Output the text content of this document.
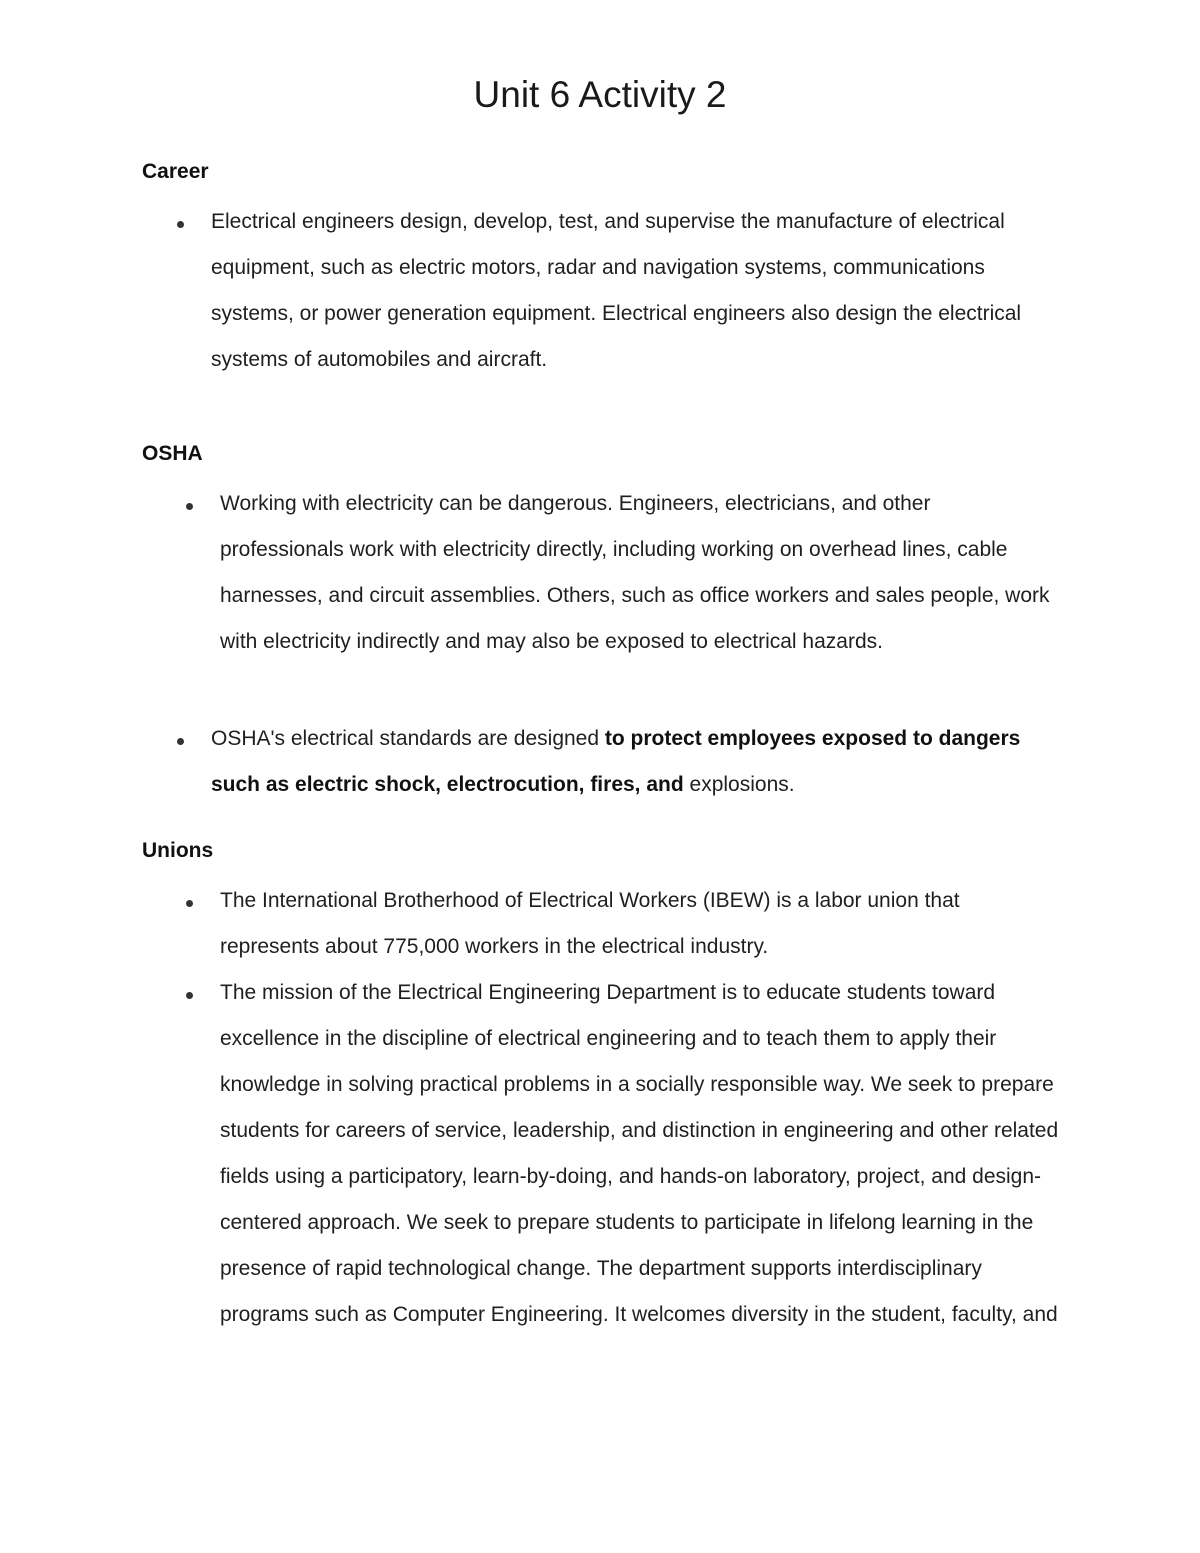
Unit 6 Activity 2
Career

Electrical engineers design, develop, test, and supervise the manufacture of electrical equipment, such as electric motors, radar and navigation systems, communications systems, or power generation equipment. Electrical engineers also design the electrical systems of automobiles and aircraft.

OSHA

Working with electricity can be dangerous. Engineers, electricians, and other professionals work with electricity directly, including working on overhead lines, cable harnesses, and circuit assemblies. Others, such as office workers and sales people, work with electricity indirectly and may also be exposed to electrical hazards.

OSHA's electrical standards are designed to protect employees exposed to dangers such as electric shock, electrocution, fires, and explosions.

Unions

The International Brotherhood of Electrical Workers (IBEW) is a labor union that represents about 775,000 workers in the electrical industry.

The mission of the Electrical Engineering Department is to educate students toward excellence in the discipline of electrical engineering and to teach them to apply their knowledge in solving practical problems in a socially responsible way. We seek to prepare students for careers of service, leadership, and distinction in engineering and other related fields using a participatory, learn-by-doing, and hands-on laboratory, project, and design-centered approach. We seek to prepare students to participate in lifelong learning in the presence of rapid technological change. The department supports interdisciplinary programs such as Computer Engineering. It welcomes diversity in the student, faculty, and
